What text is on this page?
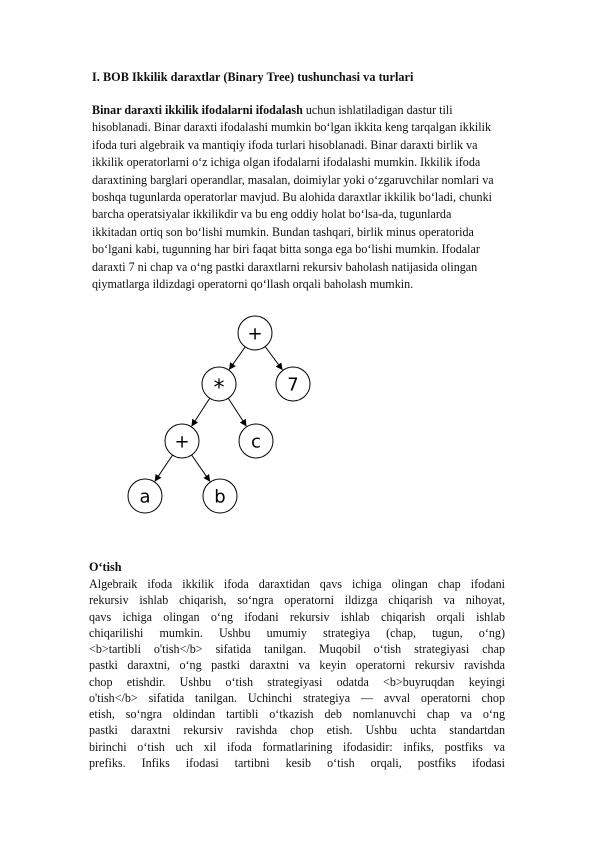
I. BOB Ikkilik daraxtlar (Binary Tree) tushunchasi va turlari
Binar daraxti ikkilik ifodalarni ifodalash uchun ishlatiladigan dastur tili
hisoblanadi. Binar daraxti ifodalashi mumkin bo‘lgan ikkita keng tarqalgan ikkilik
ifoda turi algebraik va mantiqiy ifoda turlari hisoblanadi. Binar daraxti birlik va
ikkilik operatorlarni o‘z ichiga olgan ifodalarni ifodalashi mumkin. Ikkilik ifoda
daraxtining barglari operandlar, masalan, doimiylar yoki o‘zgaruvchilar nomlari va
boshqa tugunlarda operatorlar mavjud. Bu alohida daraxtlar ikkilik bo‘ladi, chunki
barcha operatsiyalar ikkilikdir va bu eng oddiy holat bo‘lsa-da, tugunlarda
ikkitadan ortiq son bo‘lishi mumkin. Bundan tashqari, birlik minus operatorida
bo‘lgani kabi, tugunning har biri faqat bitta songa ega bo‘lishi mumkin. Ifodalar
daraxti 7 ni chap va o‘ng pastki daraxtlarni rekursiv baholash natijasida olingan
qiymatlarga ildizdagi operatorni qo‘llash orqali baholash mumkin.
+
*	7
+	c
a	b
O‘tish
Algebraik ifoda ikkilik ifoda daraxtidan qavs ichiga olingan chap ifodani
rekursiv ishlab chiqarish, so‘ngra operatorni ildizga chiqarish va nihoyat,
qavs ichiga olingan o‘ng ifodani rekursiv ishlab chiqarish orqali ishlab
chiqarilishi mumkin. Ushbu umumiy strategiya (chap, tugun, o‘ng)
<b>tartibli o'tish</b> sifatida tanilgan. Muqobil o‘tish strategiyasi chap
pastki daraxtni, o‘ng pastki daraxtni va keyin operatorni rekursiv ravishda
chop etishdir. Ushbu o‘tish strategiyasi odatda <b>buyruqdan keyingi
o'tish</b> sifatida tanilgan. Uchinchi strategiya — avval operatorni chop
etish, so‘ngra oldindan tartibli o‘tkazish deb nomlanuvchi chap va o‘ng
pastki daraxtni rekursiv ravishda chop etish. Ushbu uchta standartdan
birinchi o‘tish uch xil ifoda formatlarining ifodasidir: infiks, postfiks va
prefiks. Infiks ifodasi tartibni kesib o‘tish orqali, postfiks ifodasi
